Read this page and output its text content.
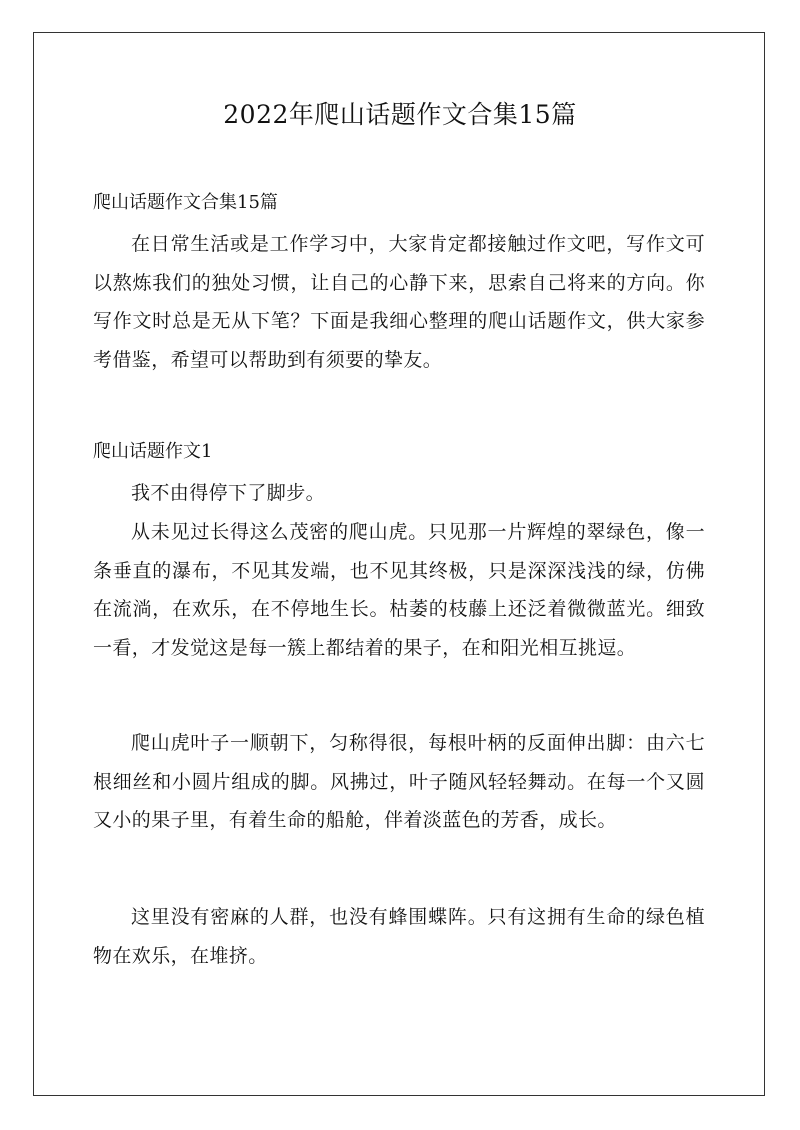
2022年爬山话题作文合集15篇
爬山话题作文合集15篇

在日常生活或是工作学习中，大家肯定都接触过作文吧，写作文可以熬炼我们的独处习惯，让自己的心静下来，思索自己将来的方向。你写作文时总是无从下笔？下面是我细心整理的爬山话题作文，供大家参考借鉴，希望可以帮助到有须要的挚友。

爬山话题作文1

我不由得停下了脚步。

从未见过长得这么茂密的爬山虎。只见那一片辉煌的翠绿色，像一条垂直的瀑布，不见其发端，也不见其终极，只是深深浅浅的绿，仿佛在流淌，在欢乐，在不停地生长。枯萎的枝藤上还泛着微微蓝光。细致一看，才发觉这是每一簇上都结着的果子，在和阳光相互挑逗。

爬山虎叶子一顺朝下，匀称得很，每根叶柄的反面伸出脚：由六七根细丝和小圆片组成的脚。风拂过，叶子随风轻轻舞动。在每一个又圆又小的果子里，有着生命的船舱，伴着淡蓝色的芳香，成长。

这里没有密麻的人群，也没有蜂围蝶阵。只有这拥有生命的绿色植物在欢乐，在堆挤。
